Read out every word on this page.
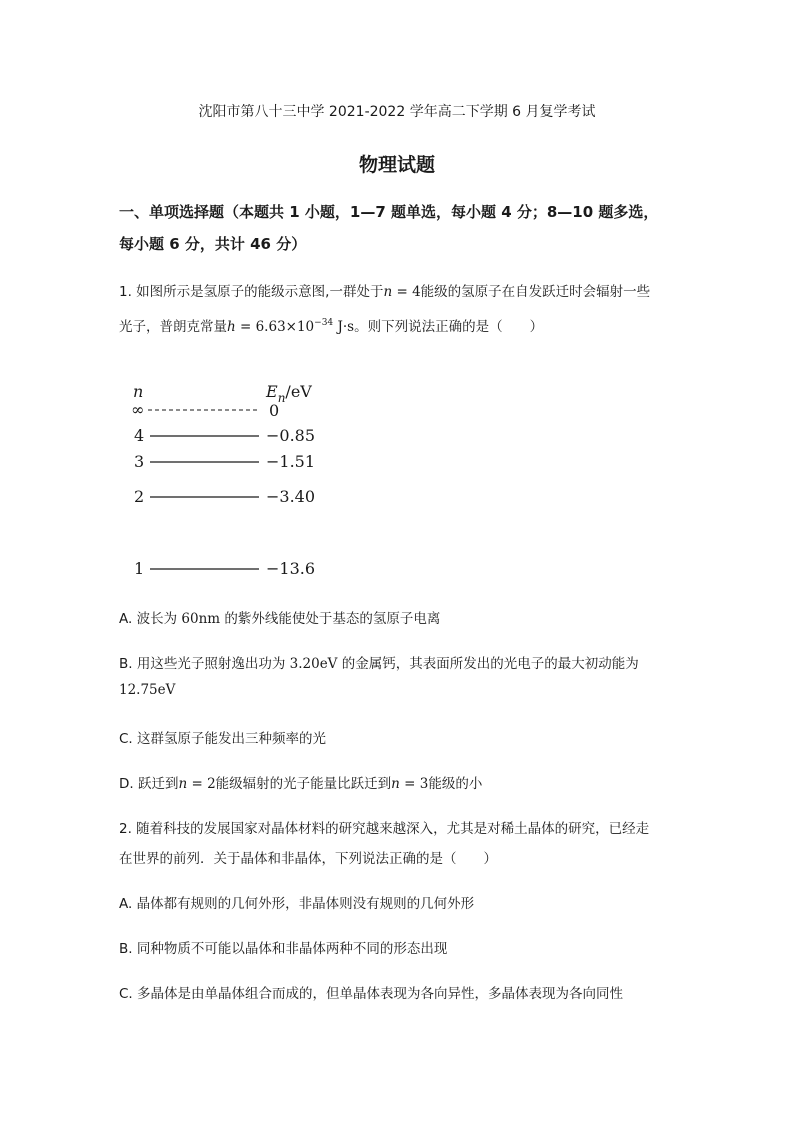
沈阳市第八十三中学 2021-2022 学年高二下学期 6 月复学考试
物理试题
一、单项选择题（本题共 1 小题，1—7 题单选，每小题 4 分；8—10 题多选，
每小题 6 分，共计 46 分）
1. 如图所示是氢原子的能级示意图,一群处于n = 4能级的氢原子在自发跃迁时会辐射一些
光子，普朗克常量$h = 6.63\times 10^{-34}$ J·s。则下列说法正确的是（　　）
n	$E_n/eV$
∞	0
4	−0.85
3	−1.51
2	−3.40
1	−13.6
A. 波长为 60nm 的紫外线能使处于基态的氢原子电离
B. 用这些光子照射逸出功为 3.20eV 的金属钙，其表面所发出的光电子的最大初动能为
12.75eV
C. 这群氢原子能发出三种频率的光
D. 跃迁到n = 2能级辐射的光子能量比跃迁到n = 3能级的小
2. 随着科技的发展国家对晶体材料的研究越来越深入，尤其是对稀土晶体的研究，已经走
在世界的前列．关于晶体和非晶体，下列说法正确的是（　　）
A. 晶体都有规则的几何外形，非晶体则没有规则的几何外形
B. 同种物质不可能以晶体和非晶体两种不同的形态出现
C. 多晶体是由单晶体组合而成的，但单晶体表现为各向异性，多晶体表现为各向同性
